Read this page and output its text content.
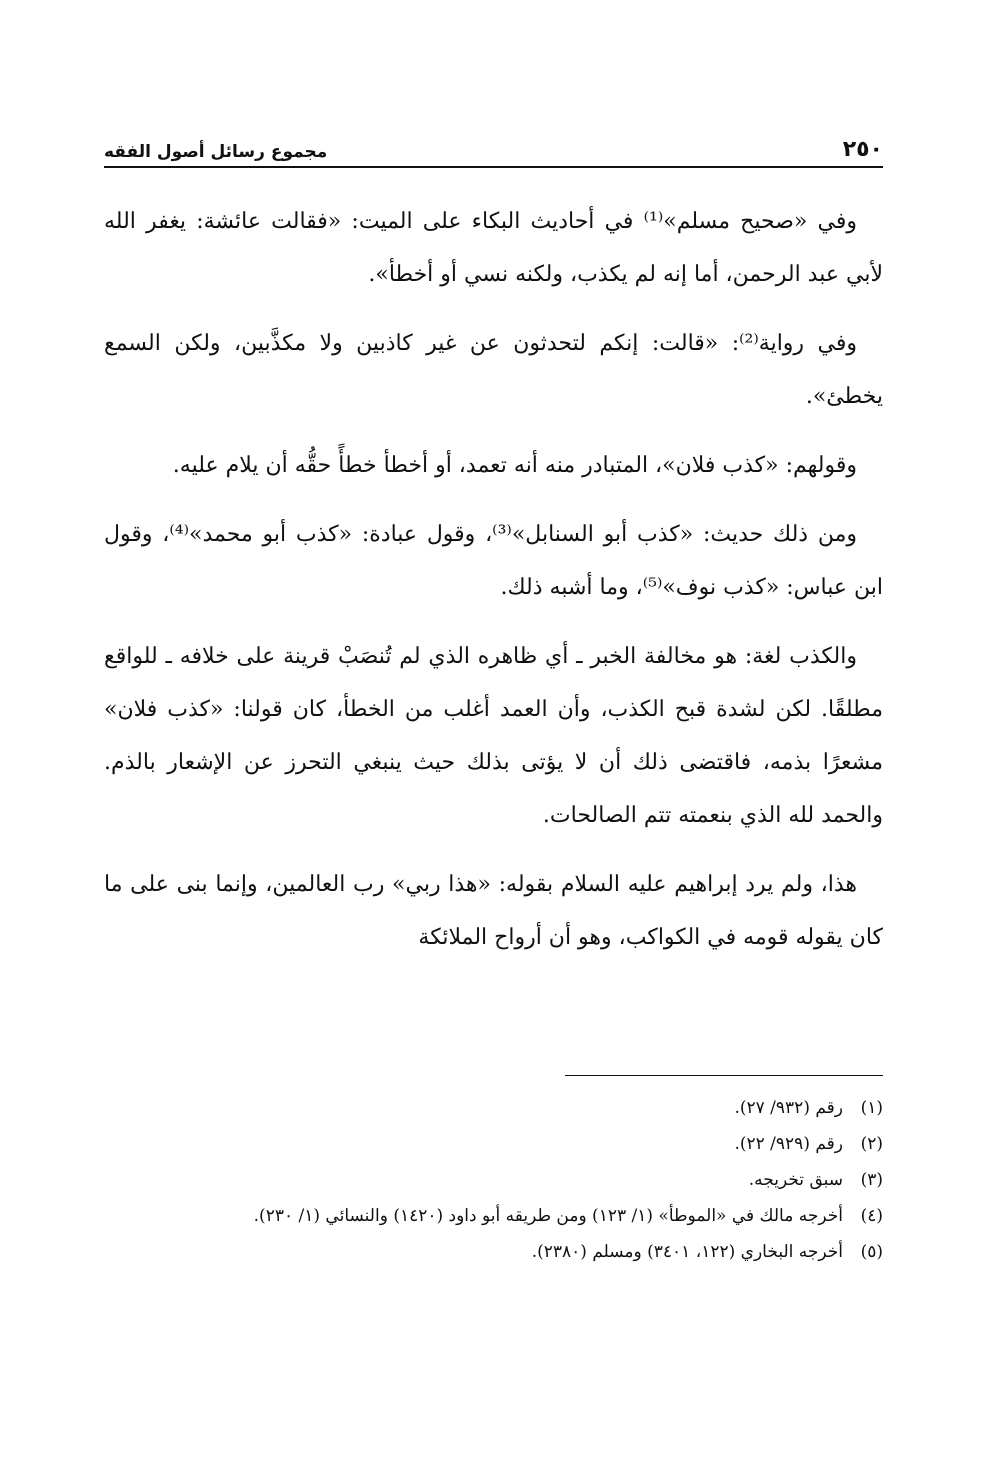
٢٥٠
مجموع رسائل أصول الفقه

وفي «صحيح مسلم»⁽¹⁾ في أحاديث البكاء على الميت: «فقالت عائشة: يغفر الله لأبي عبد الرحمن، أما إنه لم يكذب، ولكنه نسي أو أخطأ».

وفي رواية⁽²⁾: «قالت: إنكم لتحدثون عن غير كاذبين ولا مكذَّبين، ولكن السمع يخطئ».

وقولهم: «كذب فلان»، المتبادر منه أنه تعمد، أو أخطأ خطأً حقُّه أن يلام عليه.

ومن ذلك حديث: «كذب أبو السنابل»⁽³⁾، وقول عبادة: «كذب أبو محمد»⁽⁴⁾، وقول ابن عباس: «كذب نوف»⁽⁵⁾، وما أشبه ذلك.

والكذب لغة: هو مخالفة الخبر ـ أي ظاهره الذي لم تُنصَبْ قرينة على خلافه ـ للواقع مطلقًا. لكن لشدة قبح الكذب، وأن العمد أغلب من الخطأ، كان قولنا: «كذب فلان» مشعرًا بذمه، فاقتضى ذلك أن لا يؤتى بذلك حيث ينبغي التحرز عن الإشعار بالذم. والحمد لله الذي بنعمته تتم الصالحات.

هذا، ولم يرد إبراهيم عليه السلام بقوله: «هذا ربي» رب العالمين، وإنما بنى على ما كان يقوله قومه في الكواكب، وهو أن أرواح الملائكة

(١)
رقم (٩٣٢/ ٢٧).
(٢)
رقم (٩٢٩/ ٢٢).
(٣)
سبق تخريجه.
(٤)
أخرجه مالك في «الموطأ» (١/ ١٢٣) ومن طريقه أبو داود (١٤٢٠) والنسائي (١/ ٢٣٠).
(٥)
أخرجه البخاري (١٢٢، ٣٤٠١) ومسلم (٢٣٨٠).
